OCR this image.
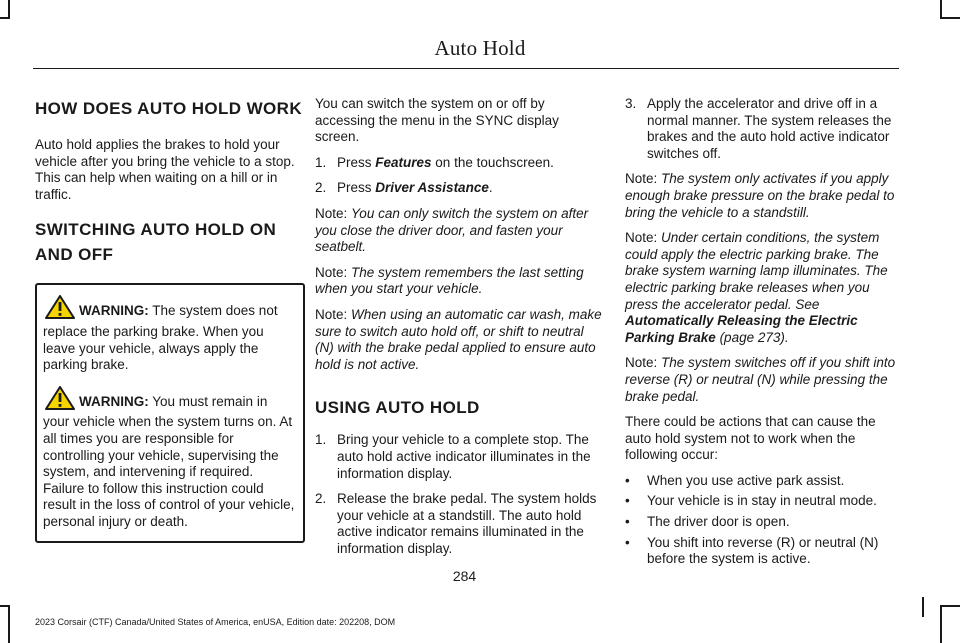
Auto Hold
HOW DOES AUTO HOLD WORK

Auto hold applies the brakes to hold your vehicle after you bring the vehicle to a stop. This can help when waiting on a hill or in traffic.

SWITCHING AUTO HOLD ON AND OFF

WARNING: The system does not replace the parking brake. When you leave your vehicle, always apply the parking brake.

WARNING: You must remain in your vehicle when the system turns on. At all times you are responsible for controlling your vehicle, supervising the system, and intervening if required. Failure to follow this instruction could result in the loss of control of your vehicle, personal injury or death.

You can switch the system on or off by accessing the menu in the SYNC display screen.

1. Press Features on the touchscreen.
2. Press Driver Assistance.

Note: You can only switch the system on after you close the driver door, and fasten your seatbelt.

Note: The system remembers the last setting when you start your vehicle.

Note: When using an automatic car wash, make sure to switch auto hold off, or shift to neutral (N) with the brake pedal applied to ensure auto hold is not active.

USING AUTO HOLD
1. Bring your vehicle to a complete stop. The auto hold active indicator illuminates in the information display.
2. Release the brake pedal. The system holds your vehicle at a standstill. The auto hold active indicator remains illuminated in the information display.
3. Apply the accelerator and drive off in a normal manner. The system releases the brakes and the auto hold active indicator switches off.

Note: The system only activates if you apply enough brake pressure on the brake pedal to bring the vehicle to a standstill.

Note: Under certain conditions, the system could apply the electric parking brake. The brake system warning lamp illuminates. The electric parking brake releases when you press the accelerator pedal. See Automatically Releasing the Electric Parking Brake (page 273).

Note: The system switches off if you shift into reverse (R) or neutral (N) while pressing the brake pedal.

There could be actions that can cause the auto hold system not to work when the following occur:

•	When you use active park assist.
•	Your vehicle is in stay in neutral mode.
•	The driver door is open.
•	You shift into reverse (R) or neutral (N) before the system is active.
284
2023 Corsair (CTF) Canada/United States of America, enUSA, Edition date: 202208, DOM
